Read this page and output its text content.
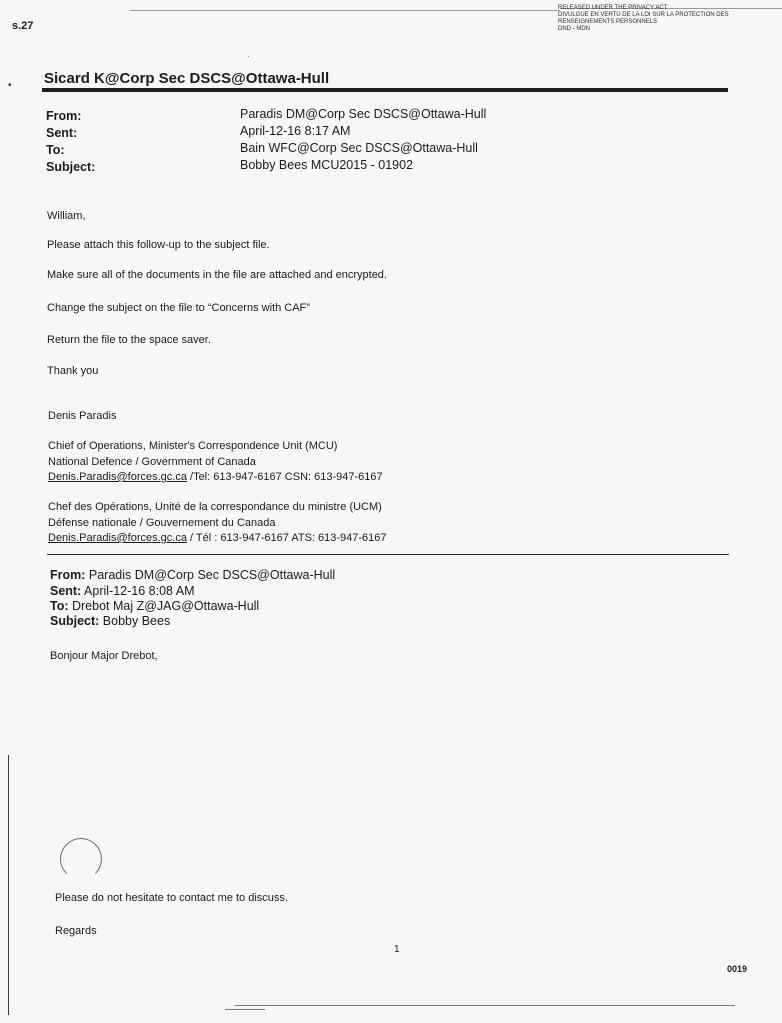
s.27
RELEASED UNDER THE PRIVACY ACT
DIVULGUE EN VERTU DE LA LOI SUR LA PROTECTION DES
RENSEIGNEMENTS PERSONNELS
DND - MDN
•
·
Sicard K@Corp Sec DSCS@Ottawa-Hull
From:	Paradis DM@Corp Sec DSCS@Ottawa-Hull
Sent:	April-12-16 8:17 AM
To:	Bain WFC@Corp Sec DSCS@Ottawa-Hull
Subject:	Bobby Bees MCU2015 - 01902
William,
Please attach this follow-up to the subject file.
Make sure all of the documents in the file are attached and encrypted.
Change the subject on the file to “Concerns with CAF”
Return the file to the space saver.
Thank you
Denis Paradis
Chief of Operations, Minister's Correspondence Unit (MCU)
National Defence / Government of Canada
Denis.Paradis@forces.gc.ca /Tel: 613-947-6167 CSN: 613-947-6167
Chef des Opérations, Unité de la correspondance du ministre (UCM)
Défense nationale / Gouvernement du Canada
Denis.Paradis@forces.gc.ca / Tél : 613-947-6167 ATS: 613-947-6167
From: Paradis DM@Corp Sec DSCS@Ottawa-Hull
Sent: April-12-16 8:08 AM
To: Drebot Maj Z@JAG@Ottawa-Hull
Subject: Bobby Bees
Bonjour Major Drebot,
Please do not hesitate to contact me to discuss.
Regards
1
0019
